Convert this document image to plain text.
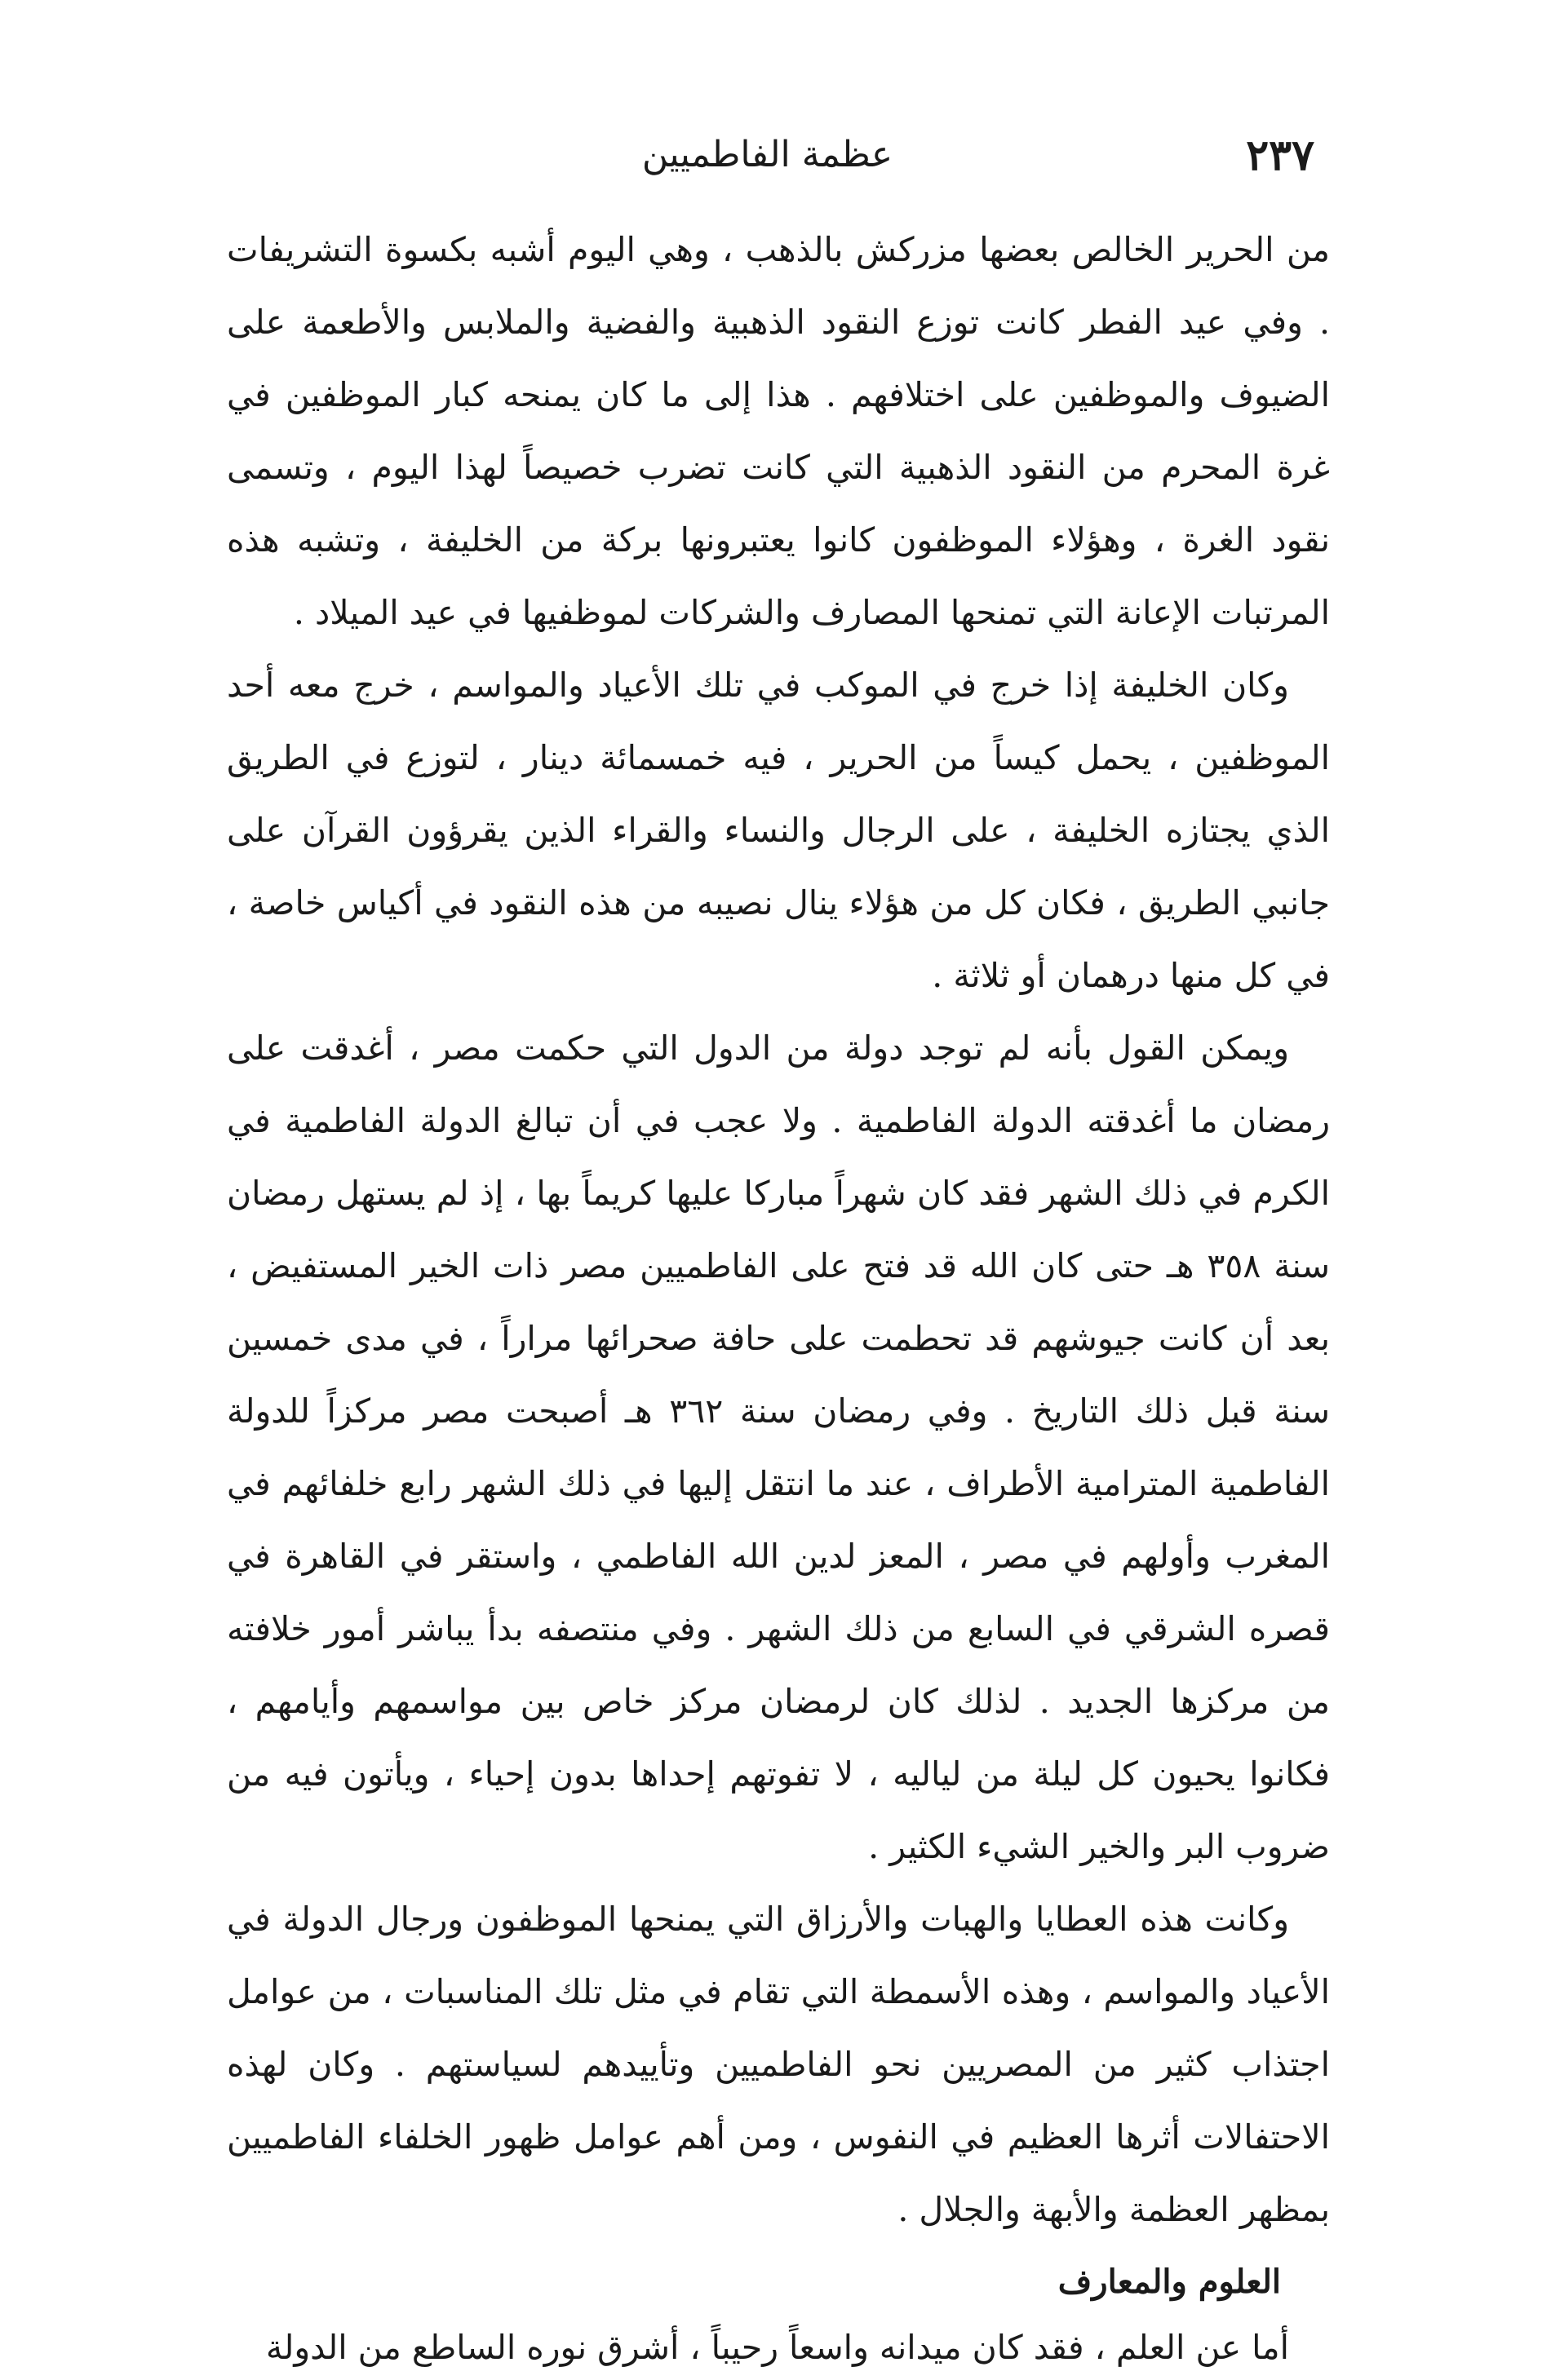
٢٣٧
عظمة الفاطميين

من الحرير الخالص بعضها مزركش بالذهب ، وهي اليوم أشبه بكسوة التشريفات . وفي عيد الفطر كانت توزع النقود الذهبية والفضية والملابس والأطعمة على الضيوف والموظفين على اختلافهم . هذا إلى ما كان يمنحه كبار الموظفين في غرة المحرم من النقود الذهبية التي كانت تضرب خصيصاً لهذا اليوم ، وتسمى نقود الغرة ، وهؤلاء الموظفون كانوا يعتبرونها بركة من الخليفة ، وتشبه هذه المرتبات الإعانة التي تمنحها المصارف والشركات لموظفيها في عيد الميلاد .

وكان الخليفة إذا خرج في الموكب في تلك الأعياد والمواسم ، خرج معه أحد الموظفين ، يحمل كيساً من الحرير ، فيه خمسمائة دينار ، لتوزع في الطريق الذي يجتازه الخليفة ، على الرجال والنساء والقراء الذين يقرؤون القرآن على جانبي الطريق ، فكان كل من هؤلاء ينال نصيبه من هذه النقود في أكياس خاصة ، في كل منها درهمان أو ثلاثة .

ويمكن القول بأنه لم توجد دولة من الدول التي حكمت مصر ، أغدقت على رمضان ما أغدقته الدولة الفاطمية . ولا عجب في أن تبالغ الدولة الفاطمية في الكرم في ذلك الشهر فقد كان شهراً مباركا عليها كريماً بها ، إذ لم يستهل رمضان سنة ٣٥٨ هـ حتى كان الله قد فتح على الفاطميين مصر ذات الخير المستفيض ، بعد أن كانت جيوشهم قد تحطمت على حافة صحرائها مراراً ، في مدى خمسين سنة قبل ذلك التاريخ . وفي رمضان سنة ٣٦٢ هـ أصبحت مصر مركزاً للدولة الفاطمية المترامية الأطراف ، عند ما انتقل إليها في ذلك الشهر رابع خلفائهم في المغرب وأولهم في مصر ، المعز لدين الله الفاطمي ، واستقر في القاهرة في قصره الشرقي في السابع من ذلك الشهر . وفي منتصفه بدأ يباشر أمور خلافته من مركزها الجديد . لذلك كان لرمضان مركز خاص بين مواسمهم وأيامهم ، فكانوا يحيون كل ليلة من لياليه ، لا تفوتهم إحداها بدون إحياء ، ويأتون فيه من ضروب البر والخير الشيء الكثير .

وكانت هذه العطايا والهبات والأرزاق التي يمنحها الموظفون ورجال الدولة في الأعياد والمواسم ، وهذه الأسمطة التي تقام في مثل تلك المناسبات ، من عوامل اجتذاب كثير من المصريين نحو الفاطميين وتأييدهم لسياستهم . وكان لهذه الاحتفالات أثرها العظيم في النفوس ، ومن أهم عوامل ظهور الخلفاء الفاطميين بمظهر العظمة والأبهة والجلال .

العلوم والمعارف

أما عن العلم ، فقد كان ميدانه واسعاً رحيباً ، أشرق نوره الساطع من الدولة
